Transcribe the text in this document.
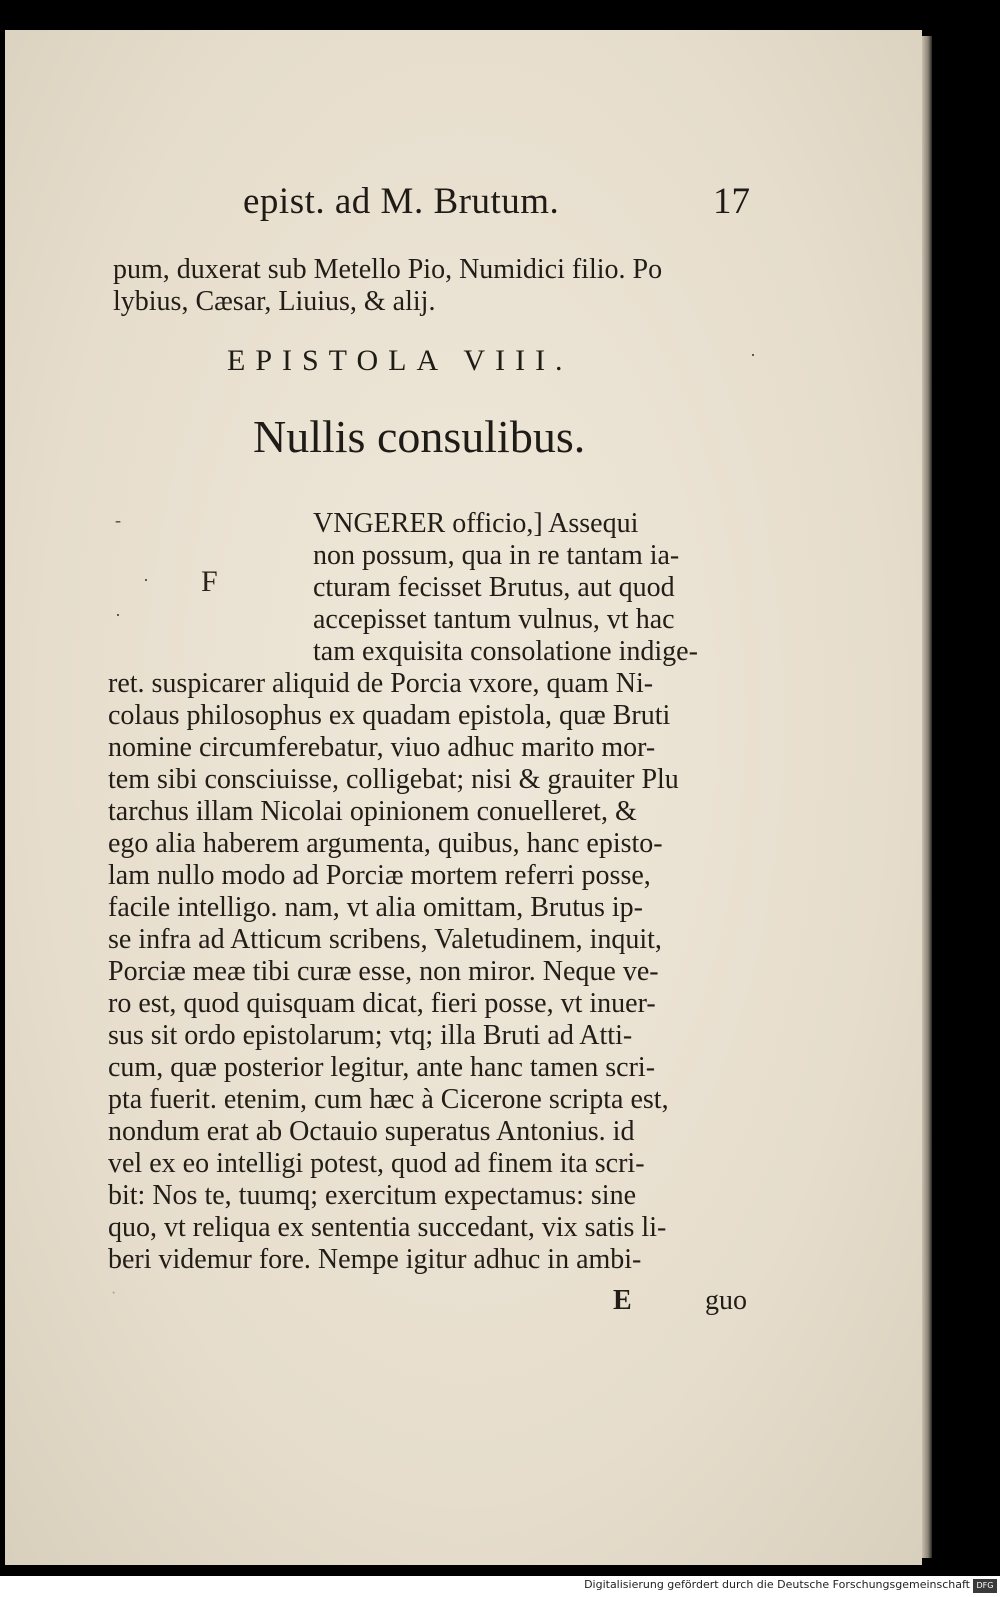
epist. ad M. Brutum.	17

pum, duxerat sub Metello Pio, Numidici filio. Po

lybius, Cæsar, Liuius, & alij.

EPISTOLA VIII.
Nullis consulibus.
-
·
·
·
F

VNGERER officio,] Assequi

non possum, qua in re tantam ia-

cturam fecisset Brutus, aut quod

accepisset tantum vulnus, vt hac

tam exquisita consolatione indige-

ret. suspicarer aliquid de Porcia vxore, quam Ni-

colaus philosophus ex quadam epistola, quæ Bruti

nomine circumferebatur, viuo adhuc marito mor-

tem sibi consciuisse, colligebat; nisi & grauiter Plu

tarchus illam Nicolai opinionem conuelleret, &

ego alia haberem argumenta, quibus, hanc episto-

lam nullo modo ad Porciæ mortem referri posse,

facile intelligo. nam, vt alia omittam, Brutus ip-

se infra ad Atticum scribens, Valetudinem, inquit,

Porciæ meæ tibi curæ esse, non miror. Neque ve-

ro est, quod quisquam dicat, fieri posse, vt inuer-

sus sit ordo epistolarum; vtq; illa Bruti ad Atti-

cum, quæ posterior legitur, ante hanc tamen scri-

pta fuerit. etenim, cum hæc à Cicerone scripta est,

nondum erat ab Octauio superatus Antonius. id

vel ex eo intelligi potest, quod ad finem ita scri-

bit: Nos te, tuumq; exercitum expectamus: sine

quo, vt reliqua ex sententia succedant, vix satis li-

beri videmur fore. Nempe igitur adhuc in ambi-

·	E	guo
Digitalisierung gefördert durch die Deutsche Forschungsgemeinschaft DFG
